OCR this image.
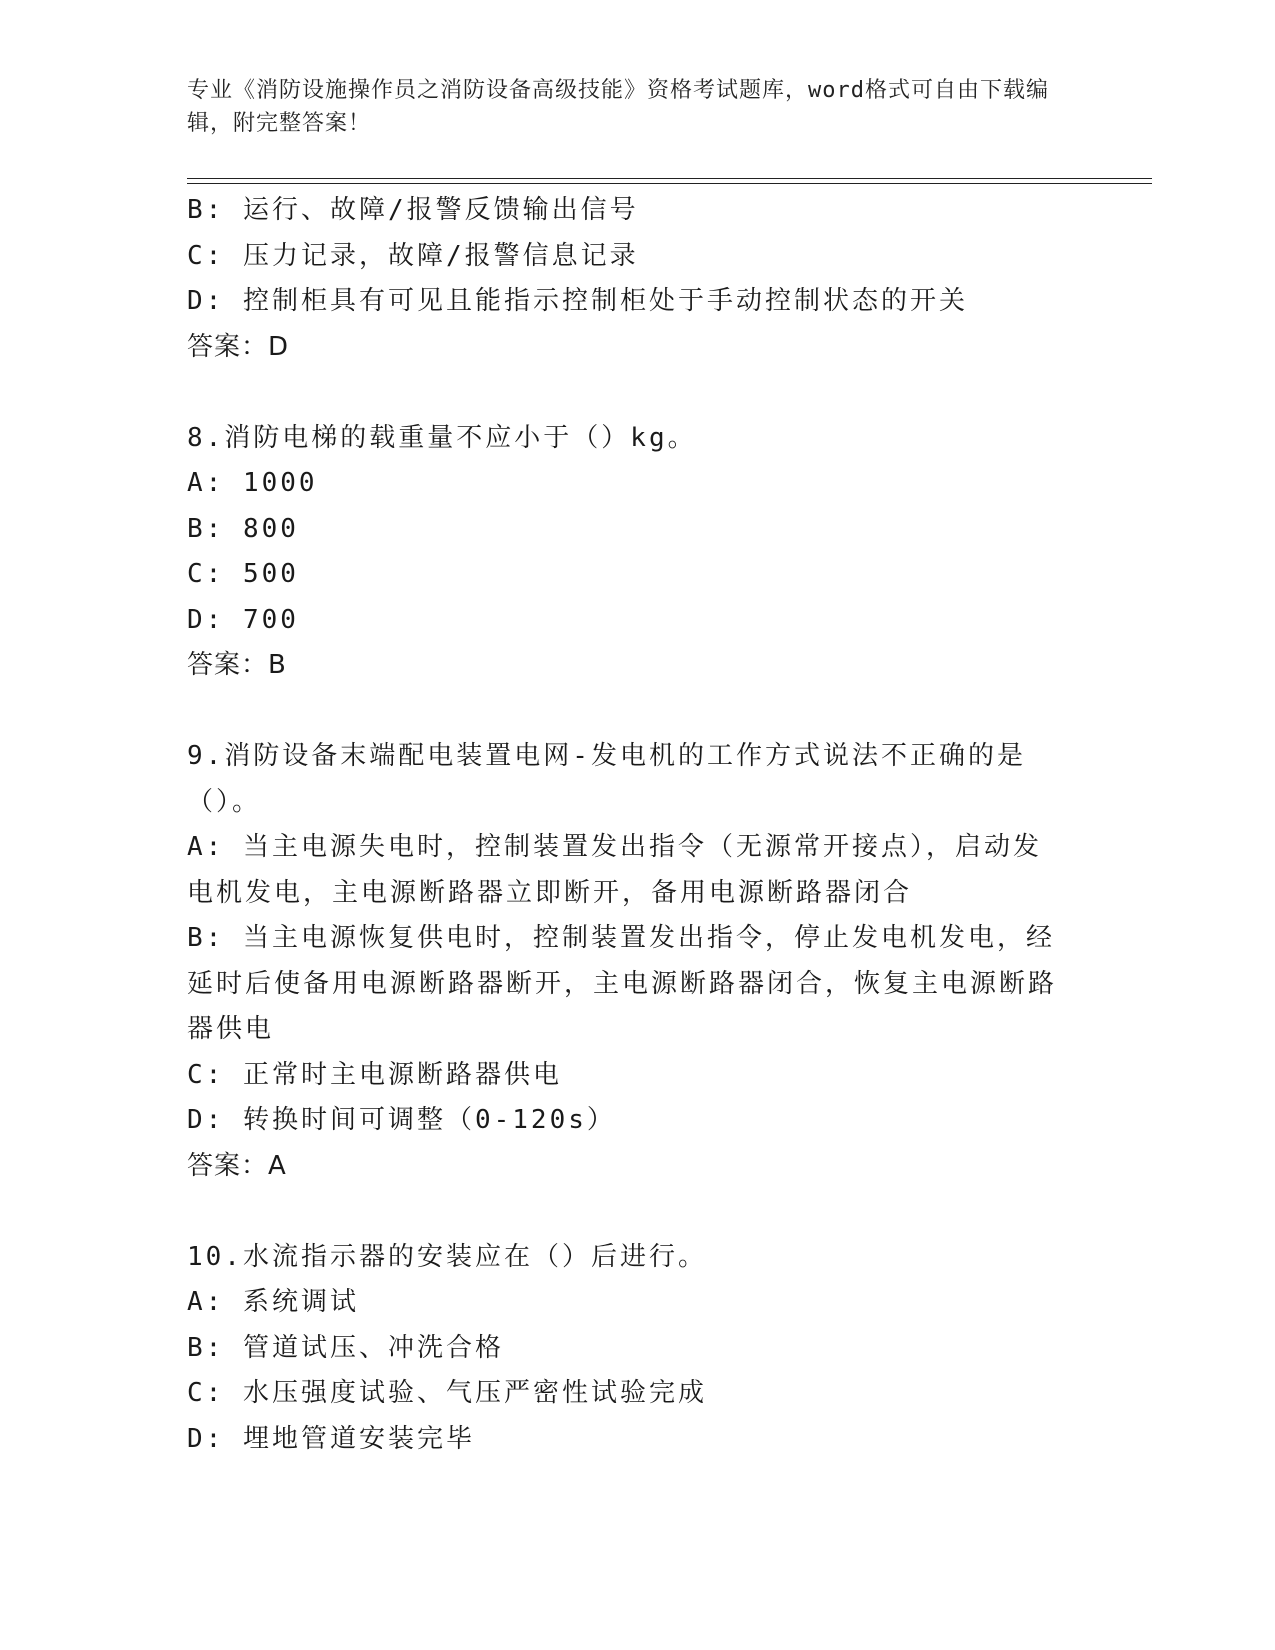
专业《消防设施操作员之消防设备高级技能》资格考试题库，word格式可自由下载编辑，附完整答案！
B: 运行、故障/报警反馈输出信号
C: 压力记录，故障/报警信息记录
D: 控制柜具有可见且能指示控制柜处于手动控制状态的开关
答案：D
8.消防电梯的载重量不应小于（）kg。
A: 1000
B: 800
C: 500
D: 700
答案：B
9.消防设备末端配电装置电网-发电机的工作方式说法不正确的是（）。
A: 当主电源失电时，控制装置发出指令（无源常开接点），启动发电机发电，主电源断路器立即断开，备用电源断路器闭合
B: 当主电源恢复供电时，控制装置发出指令，停止发电机发电，经延时后使备用电源断路器断开，主电源断路器闭合，恢复主电源断路器供电
C: 正常时主电源断路器供电
D: 转换时间可调整（0-120s）
答案：A
10.水流指示器的安装应在（）后进行。
A: 系统调试
B: 管道试压、冲洗合格
C: 水压强度试验、气压严密性试验完成
D: 埋地管道安装完毕
